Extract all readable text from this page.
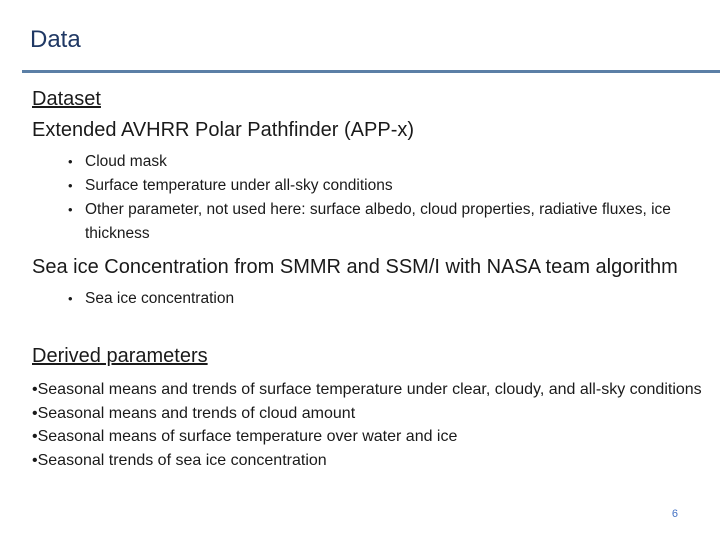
Data
Dataset
Extended AVHRR Polar Pathfinder (APP-x)
• Cloud mask
• Surface temperature under all-sky conditions
• Other parameter, not used here: surface albedo, cloud properties, radiative fluxes, ice thickness
Sea ice Concentration from SMMR and SSM/I with NASA team algorithm
• Sea ice concentration
Derived parameters

•Seasonal means and trends of surface temperature under clear, cloudy, and all-sky conditions

•Seasonal means and trends of cloud amount

•Seasonal means of surface temperature over water and ice

•Seasonal trends of sea ice concentration

6
